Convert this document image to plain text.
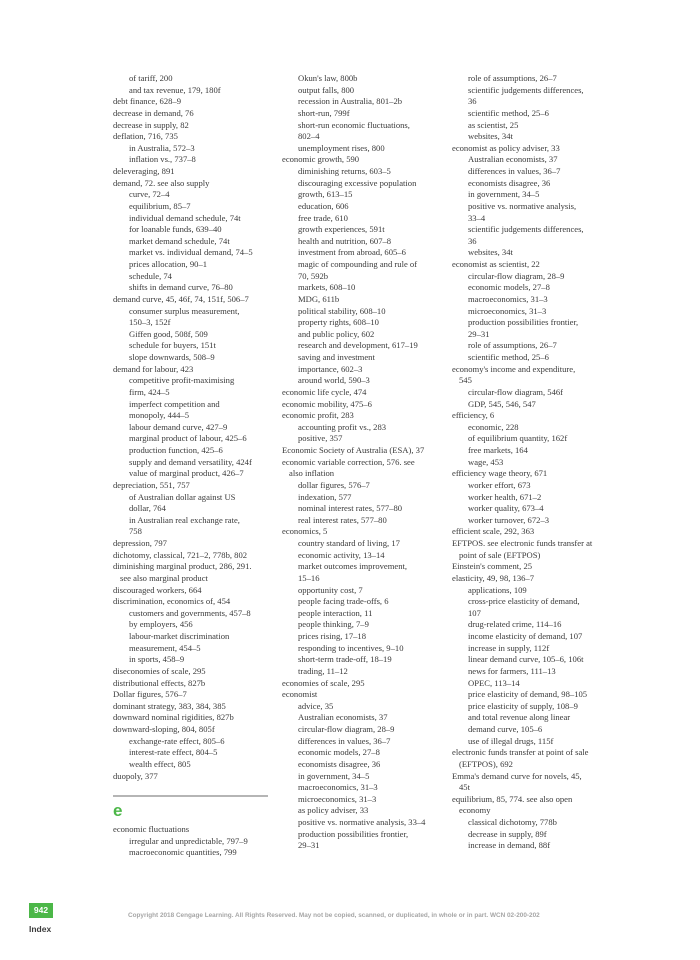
of tariff, 200
and tax revenue, 179, 180f
debt finance, 628–9
decrease in demand, 76
decrease in supply, 82
deflation, 716, 735
in Australia, 572–3
inflation vs., 737–8
deleveraging, 891
demand, 72. see also supply
curve, 72–4
equilibrium, 85–7
individual demand schedule, 74t
for loanable funds, 639–40
market demand schedule, 74t
market vs. individual demand, 74–5
prices allocation, 90–1
schedule, 74
shifts in demand curve, 76–80
demand curve, 45, 46f, 74, 151f, 506–7
consumer surplus measurement,
150–3, 152f
Giffen good, 508f, 509
schedule for buyers, 151t
slope downwards, 508–9
demand for labour, 423
competitive profit-maximising
firm, 424–5
imperfect competition and
monopoly, 444–5
labour demand curve, 427–9
marginal product of labour, 425–6
production function, 425–6
supply and demand versatility, 424f
value of marginal product, 426–7
depreciation, 551, 757
of Australian dollar against US
dollar, 764
in Australian real exchange rate,
758
depression, 797
dichotomy, classical, 721–2, 778b, 802
diminishing marginal product, 286, 291.
see also marginal product
discouraged workers, 664
discrimination, economics of, 454
customers and governments, 457–8
by employers, 456
labour-market discrimination
measurement, 454–5
in sports, 458–9
diseconomies of scale, 295
distributional effects, 827b
Dollar figures, 576–7
dominant strategy, 383, 384, 385
downward nominal rigidities, 827b
downward-sloping, 804, 805f
exchange-rate effect, 805–6
interest-rate effect, 804–5
wealth effect, 805
duopoly, 377
e
economic fluctuations
irregular and unpredictable, 797–9
macroeconomic quantities, 799
Okun's law, 800b
output falls, 800
recession in Australia, 801–2b
short-run, 799f
short-run economic fluctuations,
802–4
unemployment rises, 800
economic growth, 590
diminishing returns, 603–5
discouraging excessive population
growth, 613–15
education, 606
free trade, 610
growth experiences, 591t
health and nutrition, 607–8
investment from abroad, 605–6
magic of compounding and rule of
70, 592b
markets, 608–10
MDG, 611b
political stability, 608–10
property rights, 608–10
and public policy, 602
research and development, 617–19
saving and investment
importance, 602–3
around world, 590–3
economic life cycle, 474
economic mobility, 475–6
economic profit, 283
accounting profit vs., 283
positive, 357
Economic Society of Australia (ESA), 37
economic variable correction, 576. see
also inflation
dollar figures, 576–7
indexation, 577
nominal interest rates, 577–80
real interest rates, 577–80
economics, 5
country standard of living, 17
economic activity, 13–14
market outcomes improvement,
15–16
opportunity cost, 7
people facing trade-offs, 6
people interaction, 11
people thinking, 7–9
prices rising, 17–18
responding to incentives, 9–10
short-term trade-off, 18–19
trading, 11–12
economies of scale, 295
economist
advice, 35
Australian economists, 37
circular-flow diagram, 28–9
differences in values, 36–7
economic models, 27–8
economists disagree, 36
in government, 34–5
macroeconomics, 31–3
microeconomics, 31–3
as policy adviser, 33
positive vs. normative analysis, 33–4
production possibilities frontier,
29–31
role of assumptions, 26–7
scientific judgements differences,
36
scientific method, 25–6
as scientist, 25
websites, 34t
economist as policy adviser, 33
Australian economists, 37
differences in values, 36–7
economists disagree, 36
in government, 34–5
positive vs. normative analysis,
33–4
scientific judgements differences,
36
websites, 34t
economist as scientist, 22
circular-flow diagram, 28–9
economic models, 27–8
macroeconomics, 31–3
microeconomics, 31–3
production possibilities frontier,
29–31
role of assumptions, 26–7
scientific method, 25–6
economy's income and expenditure,
545
circular-flow diagram, 546f
GDP, 545, 546, 547
efficiency, 6
economic, 228
of equilibrium quantity, 162f
free markets, 164
wage, 453
efficiency wage theory, 671
worker effort, 673
worker health, 671–2
worker quality, 673–4
worker turnover, 672–3
efficient scale, 292, 363
EFTPOS. see electronic funds transfer at
point of sale (EFTPOS)
Einstein's comment, 25
elasticity, 49, 98, 136–7
applications, 109
cross-price elasticity of demand,
107
drug-related crime, 114–16
income elasticity of demand, 107
increase in supply, 112f
linear demand curve, 105–6, 106t
news for farmers, 111–13
OPEC, 113–14
price elasticity of demand, 98–105
price elasticity of supply, 108–9
and total revenue along linear
demand curve, 105–6
use of illegal drugs, 115f
electronic funds transfer at point of sale
(EFTPOS), 692
Emma's demand curve for novels, 45,
45t
equilibrium, 85, 774. see also open
economy
classical dichotomy, 778b
decrease in supply, 89f
increase in demand, 88f
942
Index
Copyright 2018 Cengage Learning. All Rights Reserved. May not be copied, scanned, or duplicated, in whole or in part. WCN 02-200-202
